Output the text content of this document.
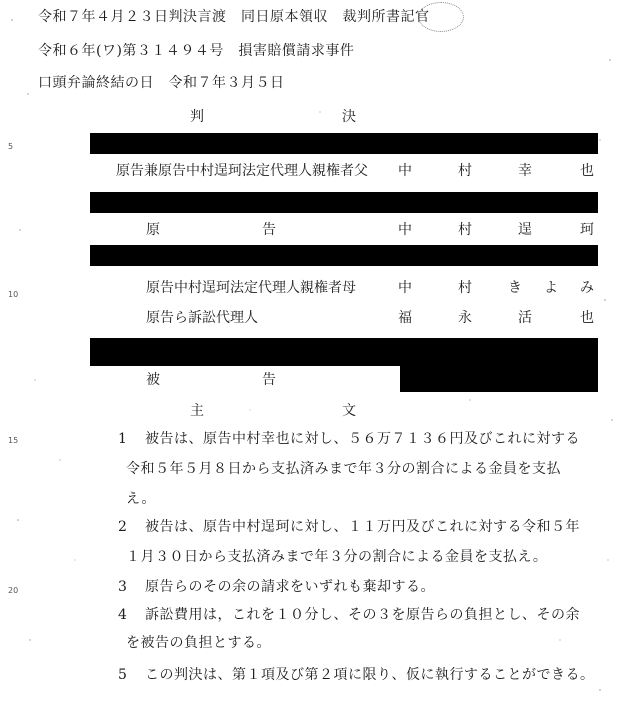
令和７年４月２３日判決言渡　同日原本領収　裁判所書記官
令和６年(ワ)第３１４９４号　損害賠償請求事件
口頭弁論終結の日　令和７年３月５日
判	決
5
10
15
20
原告兼原告中村逞珂法定代理人親権者父 中	村	幸	也
原	告	中	村	逞	珂
原告中村逞珂法定代理人親権者母	中	村	き よ み
原告ら訴訟代理人	福	永	活	也
被	告
主	文
1 被告は、原告中村幸也に対し、５６万７１３６円及びこれに対する
令和５年５月８日から支払済みまで年３分の割合による金員を支払
え。
2 被告は、原告中村逞珂に対し、１１万円及びこれに対する令和５年
１月３０日から支払済みまで年３分の割合による金員を支払え。
3 原告らのその余の請求をいずれも棄却する。
4 訴訟費用は，これを１０分し、その３を原告らの負担とし、その余
を被告の負担とする。
5 この判決は、第１項及び第２項に限り、仮に執行することができる。
